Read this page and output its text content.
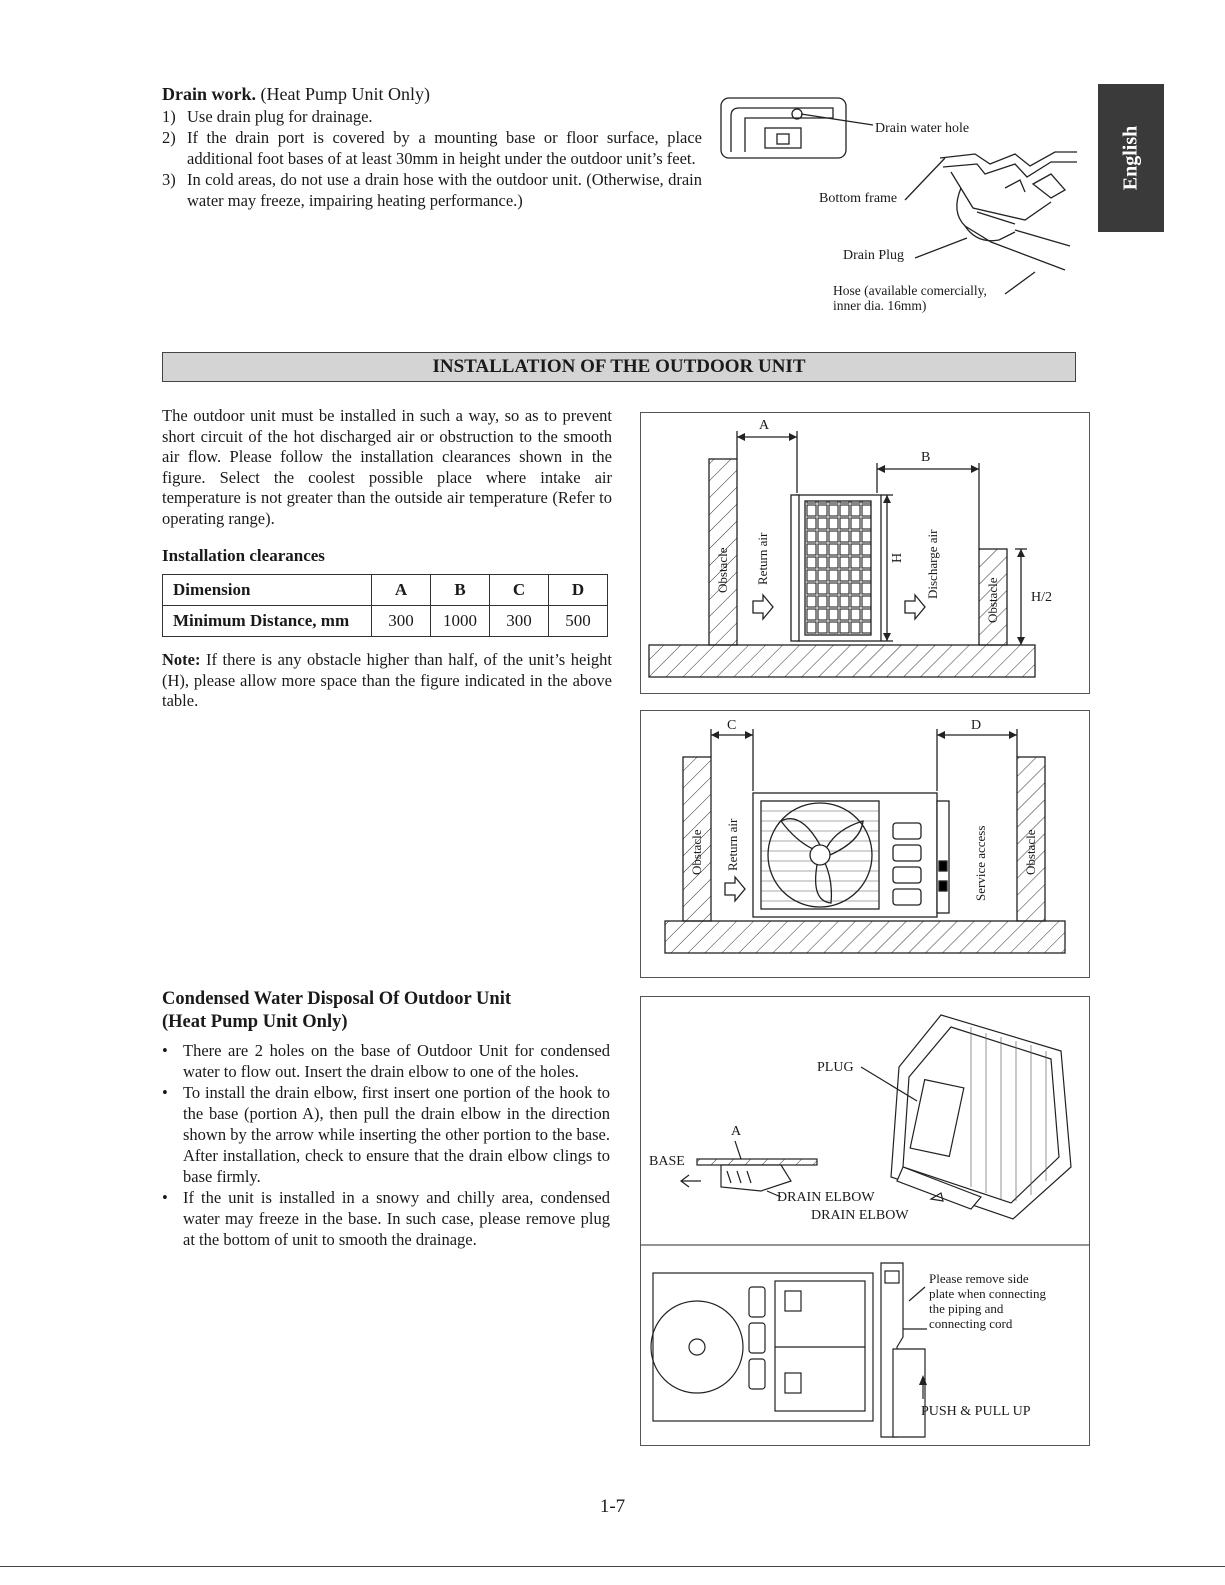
English
Drain work. (Heat Pump Unit Only)
1) Use drain plug for drainage.
2) If the drain port is covered by a mounting base or floor surface, place additional foot bases of at least 30mm in height under the outdoor unit’s feet.
3) In cold areas, do not use a drain hose with the outdoor unit. (Otherwise, drain water may freeze, impairing heating performance.)
Drain water hole
Bottom frame
Drain Plug
Hose (available comercially,
inner dia. 16mm)
INSTALLATION OF THE OUTDOOR UNIT
The outdoor unit must be installed in such a way, so as to prevent short circuit of the hot discharged air or obstruction to the smooth air flow. Please follow the installation clearances shown in the figure. Select the coolest possible place where intake air temperature is not greater than the outside air temperature (Refer to operating range).
Installation clearances
Dimension	A	B	C	D
Minimum Distance, mm	300	1000	300	500
Note: If there is any obstacle higher than half, of the unit’s height (H), please allow more space than the figure indicated in the above table.
A
B
H
H/2
Obstacle Return air	Discharge air
Obstacle
C	D
Obstacle Return air	Service access	Obstacle
Condensed Water Disposal Of Outdoor Unit
(Heat Pump Unit Only)
• There are 2 holes on the base of Outdoor Unit for condensed water to flow out. Insert the drain elbow to one of the holes.
• To install the drain elbow, first insert one portion of the hook to the base (portion A), then pull the drain elbow in the direction shown by the arrow while inserting the other portion to the base. After installation, check to ensure that the drain elbow clings to base firmly.
• If the unit is installed in a snowy and chilly area, condensed water may freeze in the base. In such case, please remove plug at the bottom of unit to smooth the drainage.
PLUG
A
BASE
DRAIN ELBOW
DRAIN ELBOW
Please remove side
plate when connecting
the piping and
connecting cord
PUSH & PULL UP
1-7
